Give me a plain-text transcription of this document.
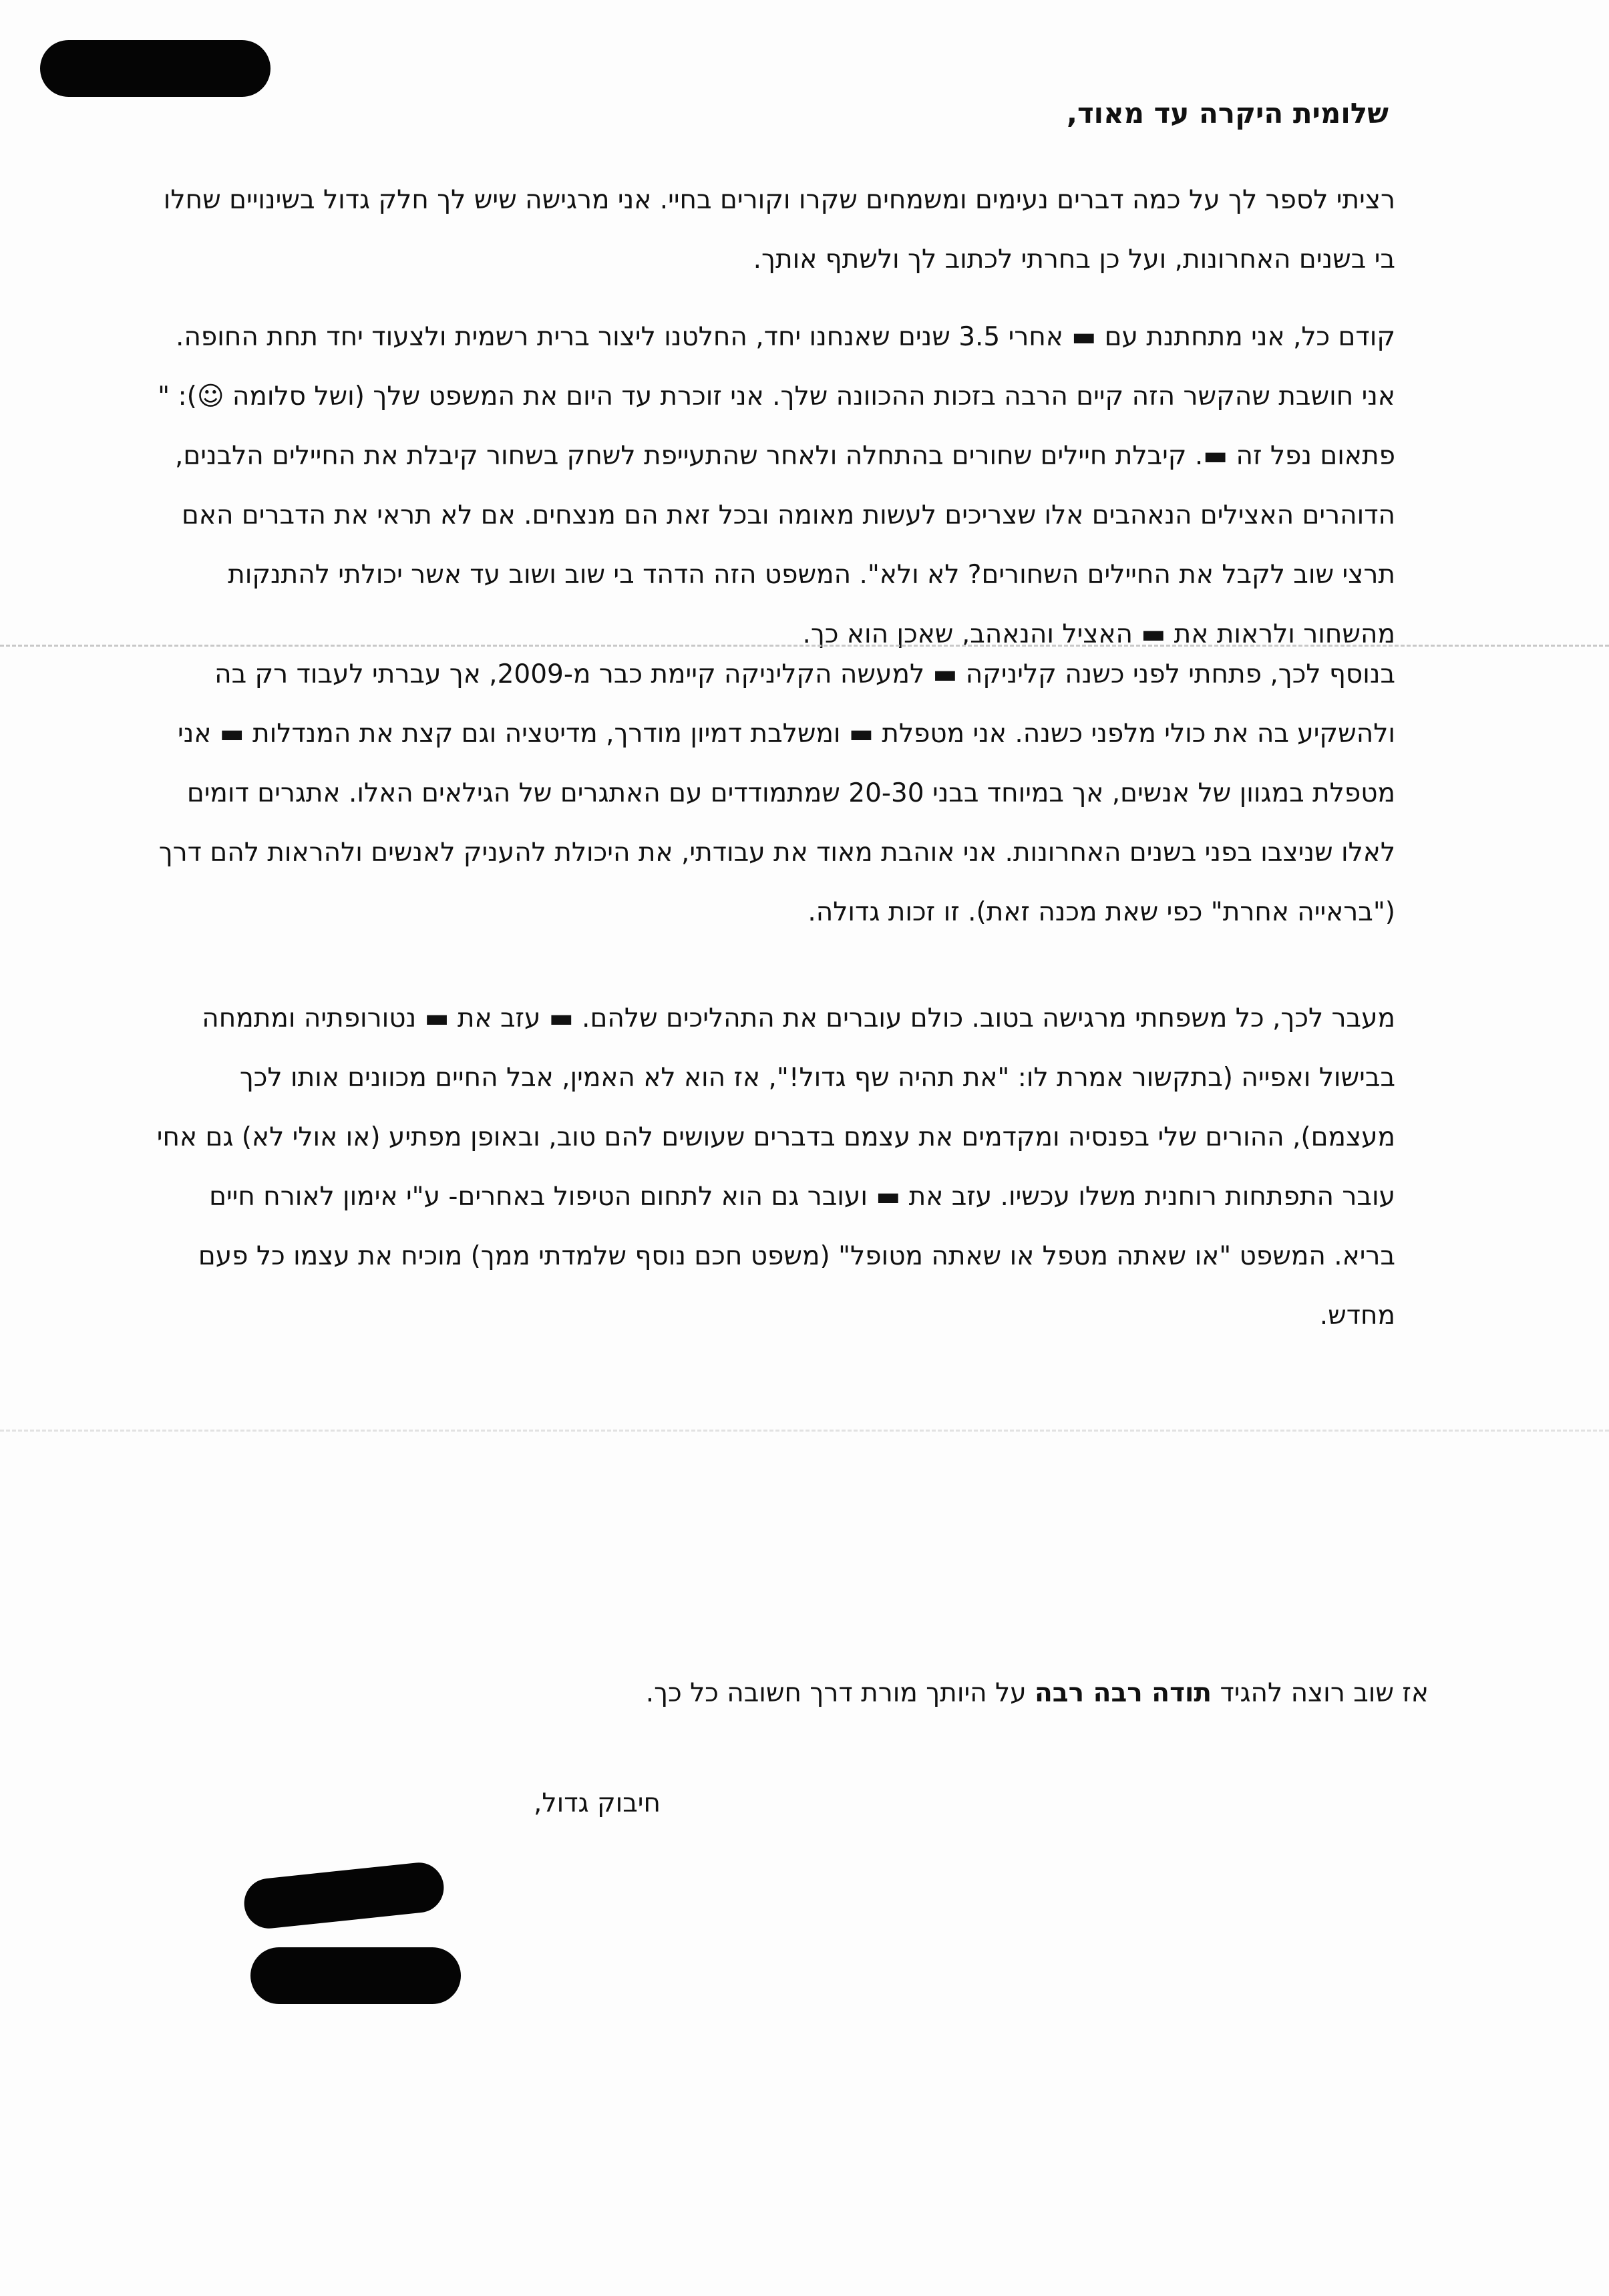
שלומית היקרה עד מאוד,
רציתי לספר לך על כמה דברים נעימים ומשמחים שקרו וקורים בחיי. אני מרגישה שיש לך חלק גדול בשינויים שחלו בי בשנים האחרונות, ועל כן בחרתי לכתוב לך ולשתף אותך.
קודם כל, אני מתחתנת עם ▬ אחרי 3.5 שנים שאנחנו יחד, החלטנו ליצור ברית רשמית ולצעוד יחד תחת החופה. אני חושבת שהקשר הזה קיים הרבה בזכות ההכוונה שלך. אני זוכרת עד היום את המשפט שלך (ושל סלומה ☺): " פתאום נפל זה ▬. קיבלת חיילים שחורים בהתחלה ולאחר שהתעייפת לשחק בשחור קיבלת את החיילים הלבנים, הדוהרים האצילים הנאהבים אלו שצריכים לעשות מאומה ובכל זאת הם מנצחים. אם לא תראי את הדברים האם תרצי שוב לקבל את החיילים השחורים? לא ולא". המשפט הזה הדהד בי שוב ושוב עד אשר יכולתי להתנקות מהשחור ולראות את ▬ האציל והנאהב, שאכן הוא כך.
בנוסף לכך, פתחתי לפני כשנה קליניקה ▬ למעשה הקליניקה קיימת כבר מ-2009, אך עברתי לעבוד רק בה ולהשקיע בה את כולי מלפני כשנה. אני מטפלת ▬ ומשלבת דמיון מודרך, מדיטציה וגם קצת את המנדלות ▬ אני מטפלת במגוון של אנשים, אך במיוחד בבני 20-30 שמתמודדים עם האתגרים של הגילאים האלו. אתגרים דומים לאלו שניצבו בפני בשנים האחרונות. אני אוהבת מאוד את עבודתי, את היכולת להעניק לאנשים ולהראות להם דרך ("בראייה אחרת" כפי שאת מכנה זאת). זו זכות גדולה.
מעבר לכך, כל משפחתי מרגישה בטוב. כולם עוברים את התהליכים שלהם. ▬ עזב את ▬ נטורופתיה ומתמחה בבישול ואפייה (בתקשור אמרת לו: "את תהיה שף גדול!", אז הוא לא האמין, אבל החיים מכוונים אותו לכך מעצמם), ההורים שלי בפנסיה ומקדמים את עצמם בדברים שעושים להם טוב, ובאופן מפתיע (או אולי לא) גם אחי עובר התפתחות רוחנית משלו עכשיו. עזב את ▬ ועובר גם הוא לתחום הטיפול באחרים- ע"י אימון לאורח חיים בריא. המשפט "או שאתה מטפל או שאתה מטופל" (משפט חכם נוסף שלמדתי ממך) מוכיח את עצמו כל פעם מחדש.
אז שוב רוצה להגיד תודה רבה רבה על היותך מורת דרך חשובה כל כך.
חיבוק גדול,
